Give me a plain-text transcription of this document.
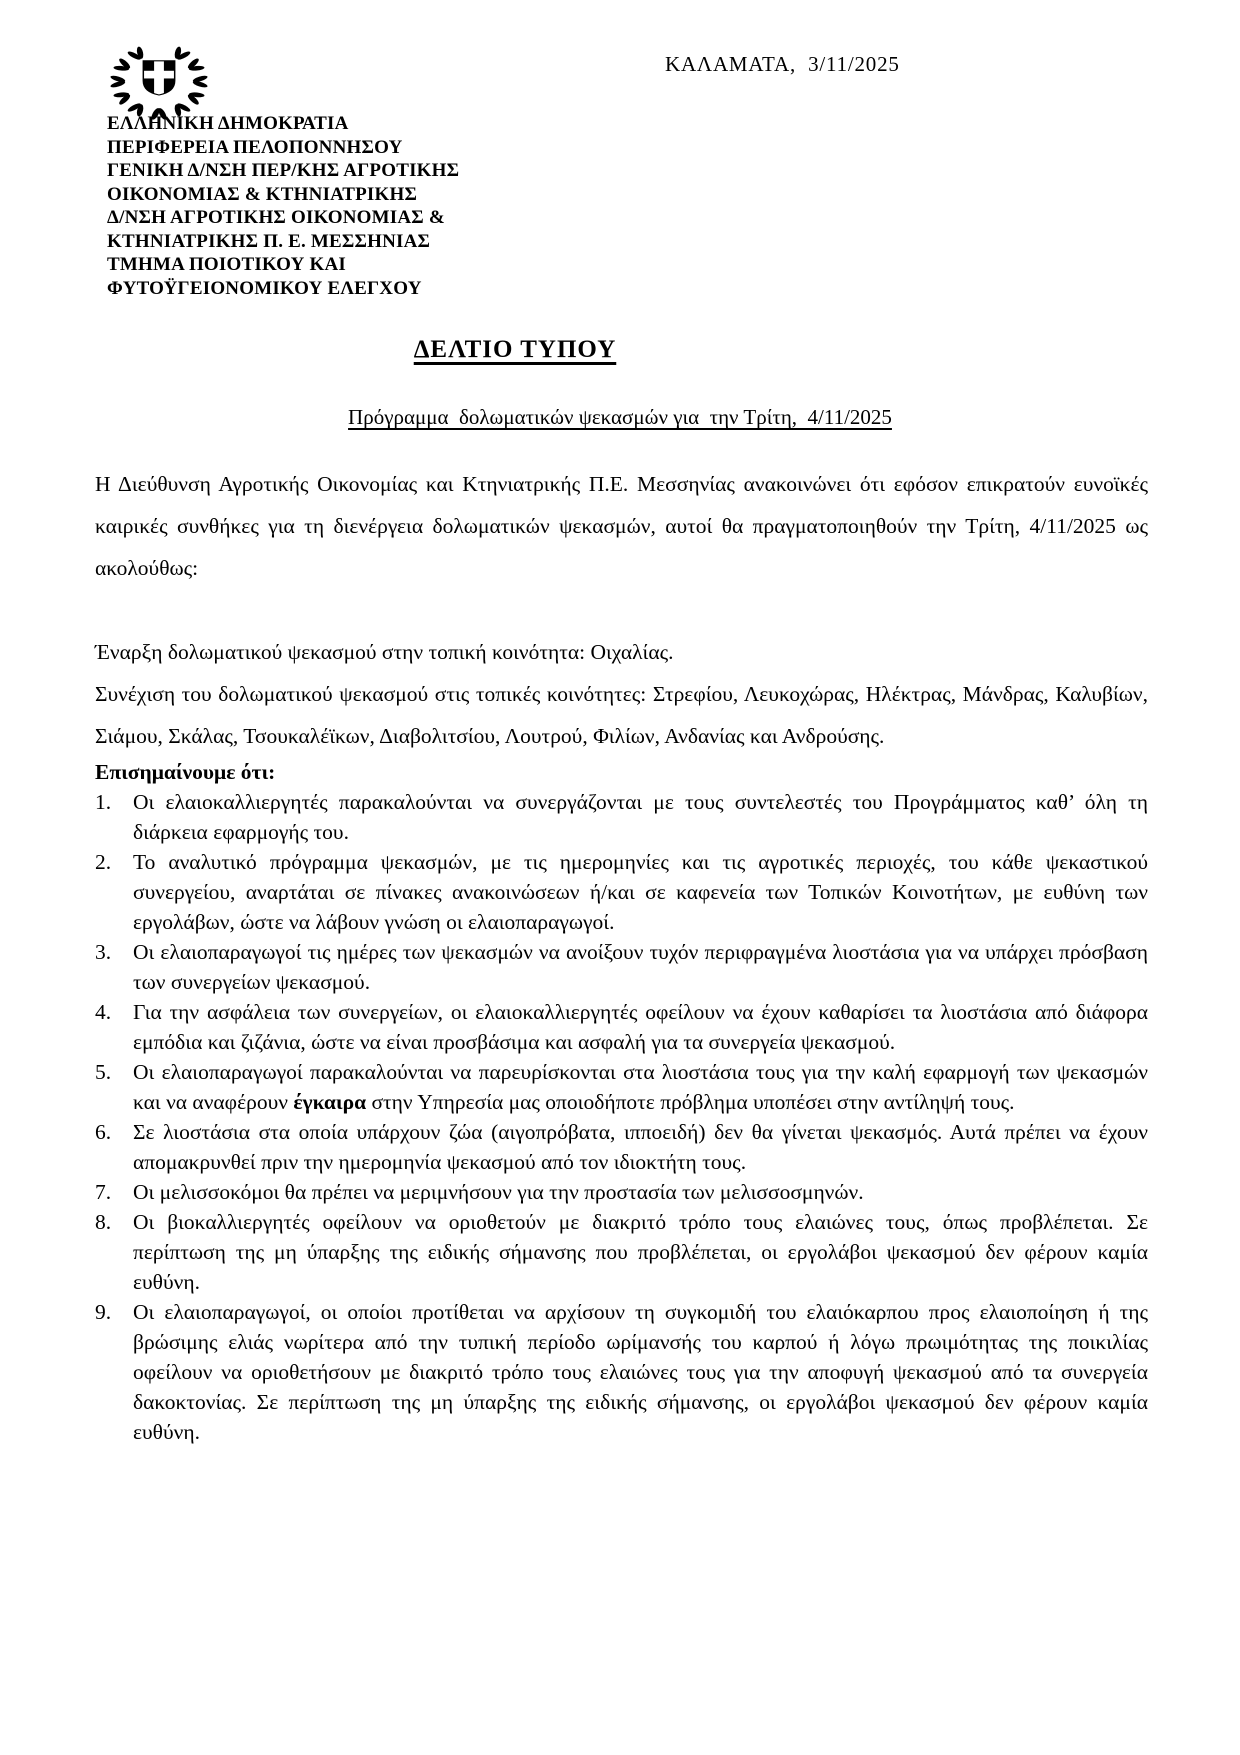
ΕΛΛΗΝΙΚΗ ΔΗΜΟΚΡΑΤΙΑ
ΠΕΡΙΦΕΡΕΙΑ ΠΕΛΟΠΟΝΝΗΣΟΥ
ΓΕΝΙΚΗ Δ/ΝΣΗ ΠΕΡ/ΚΗΣ ΑΓΡΟΤΙΚΗΣ
ΟΙΚΟΝΟΜΙΑΣ & ΚΤΗΝΙΑΤΡΙΚΗΣ
Δ/ΝΣΗ ΑΓΡΟΤΙΚΗΣ ΟΙΚΟΝΟΜΙΑΣ &
ΚΤΗΝΙΑΤΡΙΚΗΣ Π. Ε. ΜΕΣΣΗΝΙΑΣ
ΤΜΗΜΑ ΠΟΙΟΤΙΚΟΥ ΚΑΙ
ΦΥΤΟΫΓΕΙΟΝΟΜΙΚΟΥ ΕΛΕΓΧΟΥ
ΚΑΛΑΜΑΤΑ,  3/11/2025
ΔΕΛΤΙΟ ΤΥΠΟΥ
Πρόγραμμα  δολωματικών ψεκασμών για  την Τρίτη,  4/11/2025

Η Διεύθυνση Αγροτικής Οικονομίας και Κτηνιατρικής Π.Ε. Μεσσηνίας ανακοινώνει ότι εφόσον επικρατούν ευνοϊκές καιρικές συνθήκες για τη διενέργεια δολωματικών ψεκασμών, αυτοί θα πραγματοποιηθούν την Τρίτη, 4/11/2025 ως ακολούθως:

Έναρξη δολωματικού ψεκασμού στην τοπική κοινότητα: Οιχαλίας.

Συνέχιση του δολωματικού ψεκασμού στις τοπικές κοινότητες: Στρεφίου, Λευκοχώρας, Ηλέκτρας, Μάνδρας, Καλυβίων, Σιάμου, Σκάλας, Τσουκαλέϊκων, Διαβολιτσίου, Λουτρού, Φιλίων, Ανδανίας και Ανδρούσης.

Επισημαίνουμε ότι:

1.	Οι ελαιοκαλλιεργητές παρακαλούνται να συνεργάζονται με τους συντελεστές του Προγράμματος καθ’ όλη τη διάρκεια εφαρμογής του.
2.	Το αναλυτικό πρόγραμμα ψεκασμών, με τις ημερομηνίες και τις αγροτικές περιοχές, του κάθε ψεκαστικού συνεργείου, αναρτάται σε πίνακες ανακοινώσεων ή/και σε καφενεία των Τοπικών Κοινοτήτων, με ευθύνη των εργολάβων, ώστε να λάβουν γνώση οι ελαιοπαραγωγοί.
3.	Οι ελαιοπαραγωγοί τις ημέρες των ψεκασμών να ανοίξουν τυχόν περιφραγμένα λιοστάσια για να υπάρχει πρόσβαση των συνεργείων ψεκασμού.
4.	Για την ασφάλεια των συνεργείων, οι ελαιοκαλλιεργητές οφείλουν να έχουν καθαρίσει τα λιοστάσια από διάφορα εμπόδια και ζιζάνια, ώστε να είναι προσβάσιμα και ασφαλή για τα συνεργεία ψεκασμού.
5.	Οι ελαιοπαραγωγοί παρακαλούνται να παρευρίσκονται στα λιοστάσια τους για την καλή εφαρμογή των ψεκασμών και να αναφέρουν έγκαιρα στην Υπηρεσία μας οποιοδήποτε πρόβλημα υποπέσει στην αντίληψή τους.
6.	Σε λιοστάσια στα οποία υπάρχουν ζώα (αιγοπρόβατα, ιπποειδή) δεν θα γίνεται ψεκασμός. Αυτά πρέπει να έχουν απομακρυνθεί πριν την ημερομηνία ψεκασμού από τον ιδιοκτήτη τους.
7.	Οι μελισσοκόμοι θα πρέπει να μεριμνήσουν για την προστασία των μελισσοσμηνών.
8.	Οι βιοκαλλιεργητές οφείλουν να οριοθετούν με διακριτό τρόπο τους ελαιώνες τους, όπως προβλέπεται. Σε περίπτωση της μη ύπαρξης της ειδικής σήμανσης που προβλέπεται, οι εργολάβοι ψεκασμού δεν φέρουν καμία ευθύνη.
9.	Οι ελαιοπαραγωγοί, οι οποίοι προτίθεται να αρχίσουν τη συγκομιδή του ελαιόκαρπου προς ελαιοποίηση ή της βρώσιμης ελιάς νωρίτερα από την τυπική περίοδο ωρίμανσής του καρπού ή λόγω πρωιμότητας της ποικιλίας οφείλουν να οριοθετήσουν με διακριτό τρόπο τους ελαιώνες τους για την αποφυγή ψεκασμού από τα συνεργεία δακοκτονίας. Σε περίπτωση της μη ύπαρξης της ειδικής σήμανσης, οι εργολάβοι ψεκασμού δεν φέρουν καμία ευθύνη.
